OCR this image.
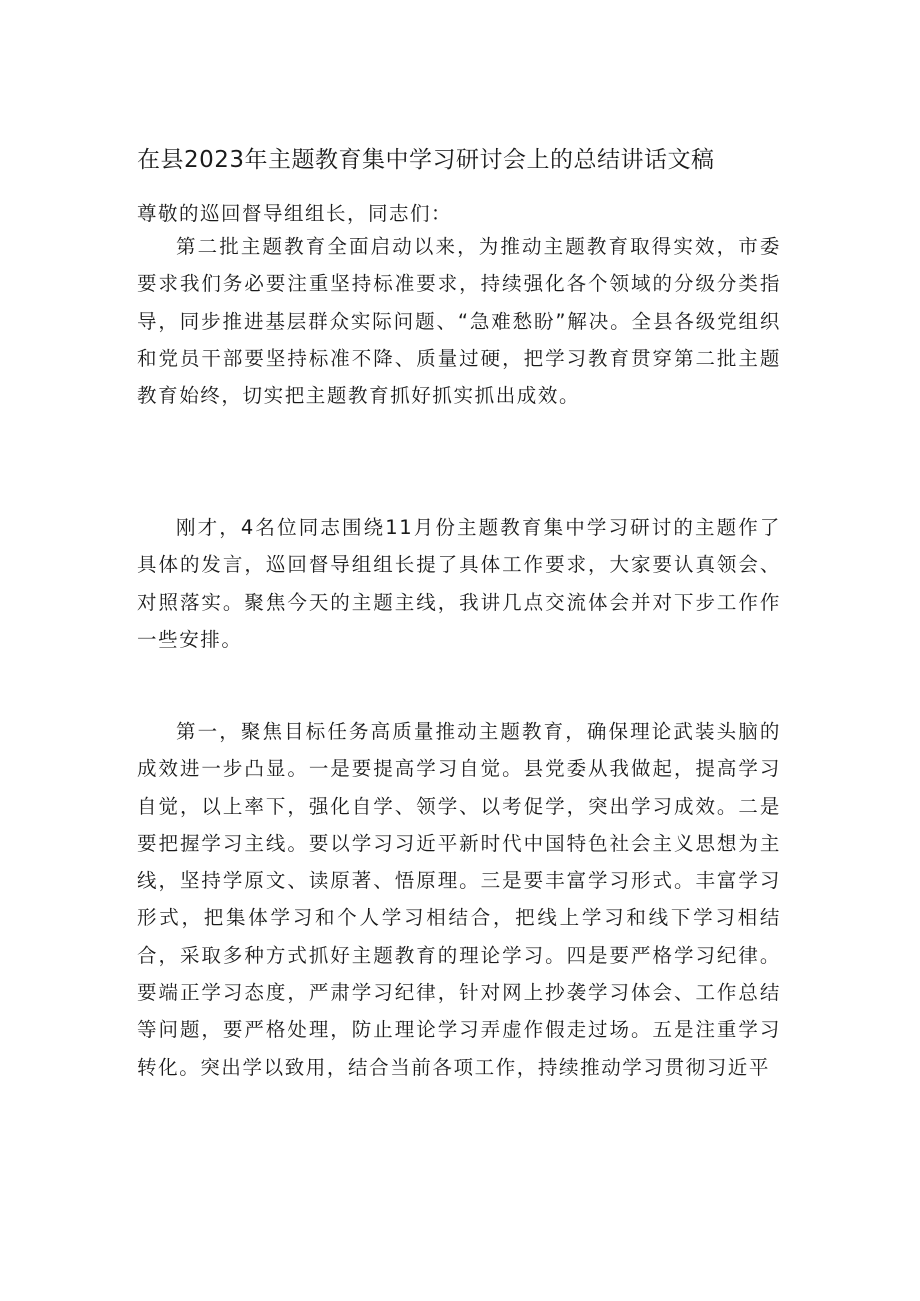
在县2023年主题教育集中学习研讨会上的总结讲话文稿

尊敬的巡回督导组组长，同志们：

第二批主题教育全面启动以来，为推动主题教育取得实效，市委要求我们务必要注重坚持标准要求，持续强化各个领域的分级分类指导，同步推进基层群众实际问题、“急难愁盼”解决。全县各级党组织和党员干部要坚持标准不降、质量过硬，把学习教育贯穿第二批主题教育始终，切实把主题教育抓好抓实抓出成效。

刚才，4名位同志围绕11月份主题教育集中学习研讨的主题作了具体的发言，巡回督导组组长提了具体工作要求，大家要认真领会、对照落实。聚焦今天的主题主线，我讲几点交流体会并对下步工作作一些安排。

第一，聚焦目标任务高质量推动主题教育，确保理论武装头脑的成效进一步凸显。一是要提高学习自觉。县党委从我做起，提高学习自觉，以上率下，强化自学、领学、以考促学，突出学习成效。二是要把握学习主线。要以学习习近平新时代中国特色社会主义思想为主线，坚持学原文、读原著、悟原理。三是要丰富学习形式。丰富学习形式，把集体学习和个人学习相结合，把线上学习和线下学习相结合，采取多种方式抓好主题教育的理论学习。四是要严格学习纪律。要端正学习态度，严肃学习纪律，针对网上抄袭学习体会、工作总结等问题，要严格处理，防止理论学习弄虚作假走过场。五是注重学习转化。突出学以致用，结合当前各项工作，持续推动学习贯彻习近平
